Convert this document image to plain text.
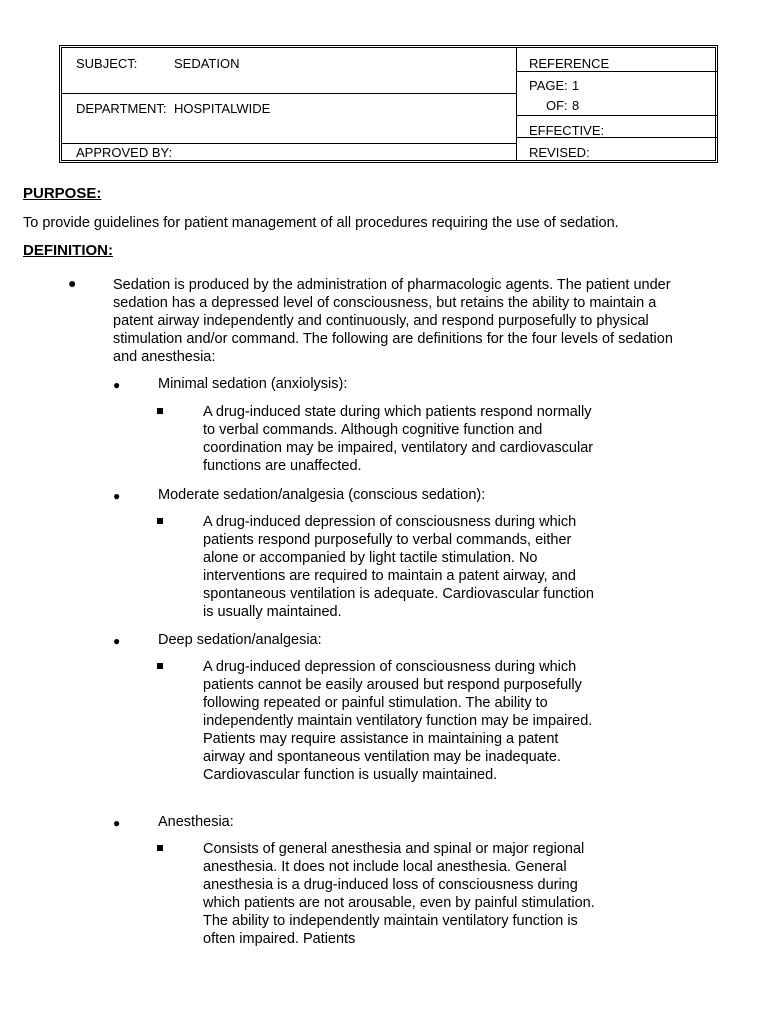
SUBJECT:	SEDATION
DEPARTMENT: HOSPITALWIDE
APPROVED BY:
REFERENCE
PAGE: 1
OF: 8
EFFECTIVE:
REVISED:
PURPOSE:
To provide guidelines for patient management of all procedures requiring the use of sedation.
DEFINITION:
●	Sedation is produced by the administration of pharmacologic agents. The patient under sedation has a depressed level of consciousness, but retains the ability to maintain a patent airway independently and continuously, and respond purposefully to physical stimulation and/or command. The following are definitions for the four levels of sedation and anesthesia:
●	Minimal sedation (anxiolysis):
A drug-induced state during which patients respond normally to verbal commands. Although cognitive function and coordination may be impaired, ventilatory and cardiovascular functions are unaffected.
●	Moderate sedation/analgesia (conscious sedation):
A drug-induced depression of consciousness during which patients respond purposefully to verbal commands, either alone or accompanied by light tactile stimulation. No interventions are required to maintain a patent airway, and spontaneous ventilation is adequate. Cardiovascular function is usually maintained.
●	Deep sedation/analgesia:
A drug-induced depression of consciousness during which patients cannot be easily aroused but respond purposefully following repeated or painful stimulation. The ability to independently maintain ventilatory function may be impaired. Patients may require assistance in maintaining a patent airway and spontaneous ventilation may be inadequate. Cardiovascular function is usually maintained.
●	Anesthesia:
Consists of general anesthesia and spinal or major regional anesthesia. It does not include local anesthesia. General anesthesia is a drug-induced loss of consciousness during which patients are not arousable, even by painful stimulation. The ability to independently maintain ventilatory function is often impaired. Patients
